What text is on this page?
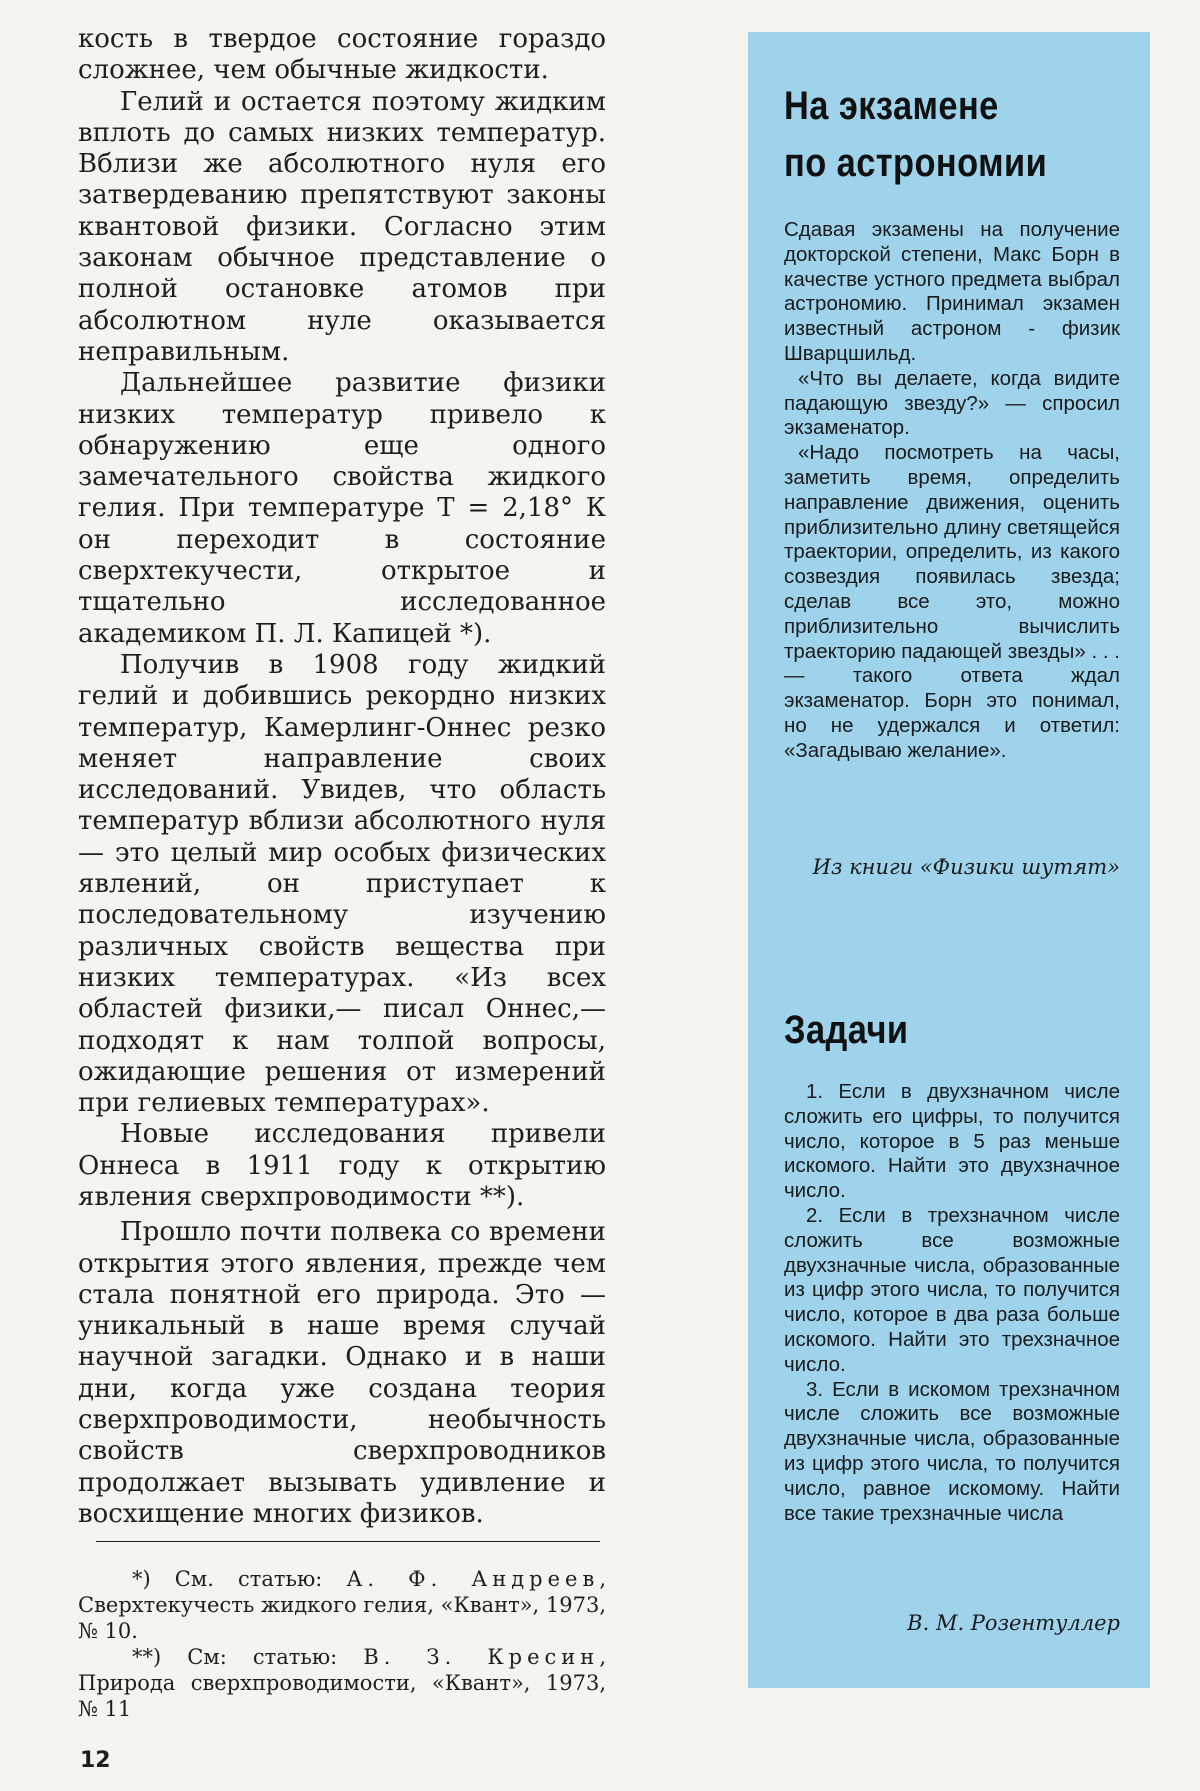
кость в твердое состояние гораздо сложнее, чем обычные жидкости.

Гелий и остается поэтому жидким вплоть до самых низких температур. Вблизи же абсолютного нуля его затвердеванию препятствуют законы квантовой физики. Согласно этим законам обычное представление о полной остановке атомов при абсолютном нуле оказывается неправильным.

Дальнейшее развитие физики низких температур привело к обнаружению еще одного замечательного свойства жидкого гелия. При температуре T = 2,18° К он переходит в состояние сверхтекучести, открытое и тщательно исследованное академиком П. Л. Капицей *).

Получив в 1908 году жидкий гелий и добившись рекордно низких температур, Камерлинг-Оннес резко меняет направление своих исследований. Увидев, что область температур вблизи абсолютного нуля — это целый мир особых физических явлений, он приступает к последовательному изучению различных свойств вещества при низких температурах. «Из всех областей физики,— писал Оннес,— подходят к нам толпой вопросы, ожидающие решения от измерений при гелиевых температурах».

Новые исследования привели Оннеса в 1911 году к открытию явления сверхпроводимости **).

Прошло почти полвека со времени открытия этого явления, прежде чем стала понятной его природа. Это — уникальный в наше время случай научной загадки. Однако и в наши дни, когда уже создана теория сверхпроводимости, необычность свойств сверхпроводников продолжает вызывать удивление и восхищение многих физиков.

*) См. статью: А. Ф. Андреев, Сверхтекучесть жидкого гелия, «Квант», 1973, № 10.

**) См: статью: В. З. Кресин, Природа сверхпроводимости, «Квант», 1973, № 11

12
На экзамене
по астрономии

Сдавая экзамены на получение докторской степени, Макс Борн в качестве устного предмета выбрал астрономию. Принимал экзамен известный астроном - физик Шварцшильд.

«Что вы делаете, когда видите падающую звезду?» — спросил экзаменатор.

«Надо посмотреть на часы, заметить время, определить направление движения, оценить приблизительно длину светящейся траектории, определить, из какого созвездия появилась звезда; сделав все это, можно приблизительно вычислить траекторию падающей звезды» . . . — такого ответа ждал экзаменатор. Борн это понимал, но не удержался и ответил: «Загадываю желание».

Из книги «Физики шутят»
Задачи

1. Если в двухзначном числе сложить его цифры, то получится число, которое в 5 раз меньше искомого. Найти это двухзначное число.

2. Если в трехзначном числе сложить все возможные двухзначные числа, образованные из цифр этого числа, то получится число, которое в два раза больше искомого. Найти это трехзначное число.

3. Если в искомом трехзначном числе сложить все возможные двухзначные числа, образованные из цифр этого числа, то получится число, равное искомому. Найти все такие трехзначные числа

В. М. Розентуллер
